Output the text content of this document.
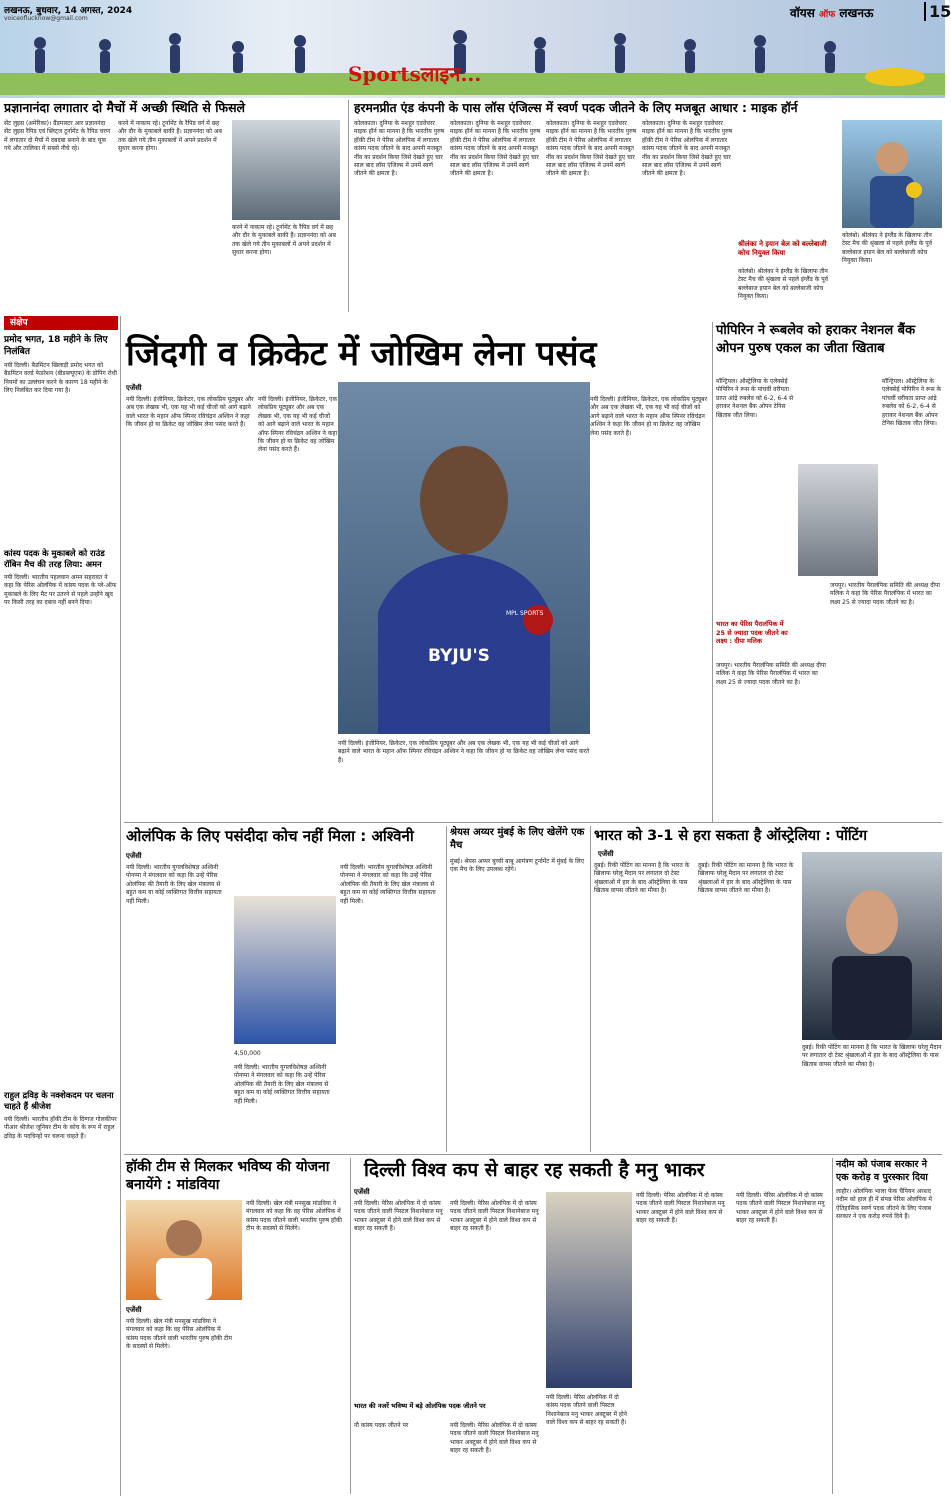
लखनऊ, बुधवार, 14 अगस्त, 2024
voiceoflucknow@gmail.com
Sportsलाइन...
वॉयस ऑफ लखनऊ	15
प्रज्ञानानंदा लगातार दो मैचों में अच्छी स्थिति से फिसले
सेंट लुइस (अमेरिका)। ग्रैंडमास्टर आर प्रज्ञाननंदा सेंट लुइस रैपिड एवं ब्लिट्ज टूर्नामेंट के रैपिड चरण में लगातार दो मैचों में दबदबा बनाने के बाद चूक गये और तालिका में सबसे नीचे रहे।
करने में नाकाम रहे। टूर्नामेंट के रैपिड वर्ग में छह और दौर के मुकाबले बाकी हैं। प्रज्ञाननंदा को अब तक खेले गये तीन मुकाबलों में अपने प्रदर्शन में सुधार करना होगा।
करने में नाकाम रहे। टूर्नामेंट के रैपिड वर्ग में छह और दौर के मुकाबले बाकी हैं। प्रज्ञाननंदा को अब तक खेले गये तीन मुकाबलों में अपने प्रदर्शन में सुधार करना होगा।
हरमनप्रीत एंड कंपनी के पास लॉस एंजिल्स में स्वर्ण पदक जीतने के लिए मजबूत आधार : माइक हॉर्न
कोलकाता। दुनिया के मशहूर एडवेंचरर माइक हॉर्न का मानना है कि भारतीय पुरुष हॉकी टीम ने पेरिस ओलंपिक में लगातार कांस्य पदक जीतने के बाद अपनी मजबूत नींव का प्रदर्शन किया जिसे देखते हुए चार साल बाद लॉस एंजिल्स में उनमें स्वर्ण जीतने की क्षमता है।
कोलकाता। दुनिया के मशहूर एडवेंचरर माइक हॉर्न का मानना है कि भारतीय पुरुष हॉकी टीम ने पेरिस ओलंपिक में लगातार कांस्य पदक जीतने के बाद अपनी मजबूत नींव का प्रदर्शन किया जिसे देखते हुए चार साल बाद लॉस एंजिल्स में उनमें स्वर्ण जीतने की क्षमता है।
कोलकाता। दुनिया के मशहूर एडवेंचरर माइक हॉर्न का मानना है कि भारतीय पुरुष हॉकी टीम ने पेरिस ओलंपिक में लगातार कांस्य पदक जीतने के बाद अपनी मजबूत नींव का प्रदर्शन किया जिसे देखते हुए चार साल बाद लॉस एंजिल्स में उनमें स्वर्ण जीतने की क्षमता है।
कोलकाता। दुनिया के मशहूर एडवेंचरर माइक हॉर्न का मानना है कि भारतीय पुरुष हॉकी टीम ने पेरिस ओलंपिक में लगातार कांस्य पदक जीतने के बाद अपनी मजबूत नींव का प्रदर्शन किया जिसे देखते हुए चार साल बाद लॉस एंजिल्स में उनमें स्वर्ण जीतने की क्षमता है।
श्रीलंका ने इयान बेल को बल्लेबाजी कोच नियुक्त किया
कोलंबो। श्रीलंका ने इंग्लैंड के खिलाफ तीन टेस्ट मैच की श्रृंखला से पहले इंग्लैंड के पूर्व बल्लेबाज इयान बेल को बल्लेबाजी कोच नियुक्त किया।
कोलंबो। श्रीलंका ने इंग्लैंड के खिलाफ तीन टेस्ट मैच की श्रृंखला से पहले इंग्लैंड के पूर्व बल्लेबाज इयान बेल को बल्लेबाजी कोच नियुक्त किया।
संक्षेप
प्रमोद भगत, 18 महीने के लिए निलंबित
नयी दिल्ली। बैडमिंटन खिलाड़ी प्रमोद भगत को बैडमिंटन वर्ल्ड फेडरेशन (बीडब्ल्यूएफ) के डोपिंग रोधी नियमों का उल्लंघन करने के कारण 18 महीने के लिए निलंबित कर दिया गया है।
कांस्य पदक के मुकाबले को राउंड रॉबिन मैच की तरह लिया: अमन
नयी दिल्ली। भारतीय पहलवान अमन सहरावत ने कहा कि पेरिस ओलंपिक में कांस्य पदक के प्ले-ऑफ मुकाबले के लिए मैट पर उतरने से पहले उन्होंने खुद पर किसी तरह का दबाव नहीं बनने दिया।
राहुल द्रविड़ के नक्शेकदम पर चलना चाहते हैं श्रीजेश
नयी दिल्ली। भारतीय हॉकी टीम के दिग्गज गोलकीपर पीआर श्रीजेश जूनियर टीम के कोच के रूप में राहुल द्रविड़ के पदचिन्हों पर चलना चाहते हैं।
जिंदगी व क्रिकेट में जोखिम लेना पसंद
एजेंसी
नयी दिल्ली। इंजीनियर, क्रिकेटर, एक लोकप्रिय यूट्यूबर और अब एक लेखक भी, एक यह भी कई चीजों को आगे बढ़ाने वाले भारत के महान ऑफ स्पिनर रविचंद्रन अश्विन ने कहा कि जीवन हो या क्रिकेट वह जोखिम लेना पसंद करते हैं।
नयी दिल्ली। इंजीनियर, क्रिकेटर, एक लोकप्रिय यूट्यूबर और अब एक लेखक भी, एक यह भी कई चीजों को आगे बढ़ाने वाले भारत के महान ऑफ स्पिनर रविचंद्रन अश्विन ने कहा कि जीवन हो या क्रिकेट वह जोखिम लेना पसंद करते हैं।
BYJU'S
MPL SPORTS
नयी दिल्ली। इंजीनियर, क्रिकेटर, एक लोकप्रिय यूट्यूबर और अब एक लेखक भी, एक यह भी कई चीजों को आगे बढ़ाने वाले भारत के महान ऑफ स्पिनर रविचंद्रन अश्विन ने कहा कि जीवन हो या क्रिकेट वह जोखिम लेना पसंद करते हैं।
नयी दिल्ली। इंजीनियर, क्रिकेटर, एक लोकप्रिय यूट्यूबर और अब एक लेखक भी, एक यह भी कई चीजों को आगे बढ़ाने वाले भारत के महान ऑफ स्पिनर रविचंद्रन अश्विन ने कहा कि जीवन हो या क्रिकेट वह जोखिम लेना पसंद करते हैं।
पोपिरिन ने रूबलेव को हराकर नेशनल बैंक ओपन पुरुष एकल का जीता खिताब
मॉन्ट्रियल। ऑस्ट्रेलिया के एलेक्सेई पोपिरिन ने रूस के पांचवीं वरीयता प्राप्त आंद्रे रुबलेव को 6-2, 6-4 से हराकर नेशनल बैंक ओपन टेनिस खिताब जीत लिया।
मॉन्ट्रियल। ऑस्ट्रेलिया के एलेक्सेई पोपिरिन ने रूस के पांचवीं वरीयता प्राप्त आंद्रे रुबलेव को 6-2, 6-4 से हराकर नेशनल बैंक ओपन टेनिस खिताब जीत लिया।
भारत का पेरिस पैरालंपिक में 25 से ज्यादा पदक जीतने का लक्ष्य : दीपा मलिक
जयपुर। भारतीय पैरालंपिक समिति की अध्यक्ष दीपा मलिक ने कहा कि पेरिस पैरालंपिक में भारत का लक्ष्य 25 से ज्यादा पदक जीतने का है।
जयपुर। भारतीय पैरालंपिक समिति की अध्यक्ष दीपा मलिक ने कहा कि पेरिस पैरालंपिक में भारत का लक्ष्य 25 से ज्यादा पदक जीतने का है।
ओलंपिक के लिए पसंदीदा कोच नहीं मिला : अश्विनी
एजेंसी
नयी दिल्ली। भारतीय युगलविशेषज्ञ अश्विनी पोनप्पा ने मंगलवार को कहा कि उन्हें पेरिस ओलंपिक की तैयारी के लिए खेल मंत्रालय से बहुत कम या कोई व्यक्तिगत वित्तीय सहायता नहीं मिली।
4,50,000
नयी दिल्ली। भारतीय युगलविशेषज्ञ अश्विनी पोनप्पा ने मंगलवार को कहा कि उन्हें पेरिस ओलंपिक की तैयारी के लिए खेल मंत्रालय से बहुत कम या कोई व्यक्तिगत वित्तीय सहायता नहीं मिली।
नयी दिल्ली। भारतीय युगलविशेषज्ञ अश्विनी पोनप्पा ने मंगलवार को कहा कि उन्हें पेरिस ओलंपिक की तैयारी के लिए खेल मंत्रालय से बहुत कम या कोई व्यक्तिगत वित्तीय सहायता नहीं मिली।
श्रेयस अय्यर मुंबई के लिए खेलेंगे एक मैच
मुंबई। श्रेयस अय्यर बुच्ची बाबू आमंत्रण टूर्नामेंट में मुंबई के लिए एक मैच के लिए उपलब्ध रहेंगे।
भारत को 3-1 से हरा सकता है ऑस्ट्रेलिया : पोंटिंग
एजेंसी
दुबई। रिकी पोंटिंग का मानना है कि भारत के खिलाफ घरेलू मैदान पर लगातार दो टेस्ट श्रृंखलाओं में हार के बाद ऑस्ट्रेलिया के पास खिताब वापस जीतने का मौका है।
दुबई। रिकी पोंटिंग का मानना है कि भारत के खिलाफ घरेलू मैदान पर लगातार दो टेस्ट श्रृंखलाओं में हार के बाद ऑस्ट्रेलिया के पास खिताब वापस जीतने का मौका है।
दुबई। रिकी पोंटिंग का मानना है कि भारत के खिलाफ घरेलू मैदान पर लगातार दो टेस्ट श्रृंखलाओं में हार के बाद ऑस्ट्रेलिया के पास खिताब वापस जीतने का मौका है।
हॉकी टीम से मिलकर भविष्य की योजना बनायेंगे : मांडविया
एजेंसी
नयी दिल्ली। खेल मंत्री मनसुख मांडविया ने मंगलवार को कहा कि वह पेरिस ओलंपिक में कांस्य पदक जीतने वाली भारतीय पुरुष हॉकी टीम के सदस्यों से मिलेंगे।
नयी दिल्ली। खेल मंत्री मनसुख मांडविया ने मंगलवार को कहा कि वह पेरिस ओलंपिक में कांस्य पदक जीतने वाली भारतीय पुरुष हॉकी टीम के सदस्यों से मिलेंगे।
दिल्ली विश्व कप से बाहर रह सकती है मनु भाकर
एजेंसी
नयी दिल्ली। पेरिस ओलंपिक में दो कांस्य पदक जीतने वाली पिस्टल निशानेबाज मनु भाकर अक्टूबर में होने वाले विश्व कप से बाहर रह सकती हैं।
नयी दिल्ली। पेरिस ओलंपिक में दो कांस्य पदक जीतने वाली पिस्टल निशानेबाज मनु भाकर अक्टूबर में होने वाले विश्व कप से बाहर रह सकती हैं।
भारत की नजरें भविष्य में बड़े ओलंपिक पदक जीतने पर
नौ कांस्य पदक जीतने पर	नयी दिल्ली। पेरिस ओलंपिक में दो कांस्य पदक जीतने वाली पिस्टल निशानेबाज मनु भाकर अक्टूबर में होने वाले विश्व कप से बाहर रह सकती हैं।
नयी दिल्ली। पेरिस ओलंपिक में दो कांस्य पदक जीतने वाली पिस्टल निशानेबाज मनु भाकर अक्टूबर में होने वाले विश्व कप से बाहर रह सकती हैं।
नयी दिल्ली। पेरिस ओलंपिक में दो कांस्य पदक जीतने वाली पिस्टल निशानेबाज मनु भाकर अक्टूबर में होने वाले विश्व कप से बाहर रह सकती हैं।
नयी दिल्ली। पेरिस ओलंपिक में दो कांस्य पदक जीतने वाली पिस्टल निशानेबाज मनु भाकर अक्टूबर में होने वाले विश्व कप से बाहर रह सकती हैं।
नदीम को पंजाब सरकार ने एक करोड़ व पुरस्कार दिया
लाहौर। ओलंपिक भाला फेंक चैंपियन अरशद नदीम को हाल ही में संपन्न पेरिस ओलंपिक में ऐतिहासिक स्वर्ण पदक जीतने के लिए पंजाब सरकार ने एक करोड़ रुपये दिये हैं।
